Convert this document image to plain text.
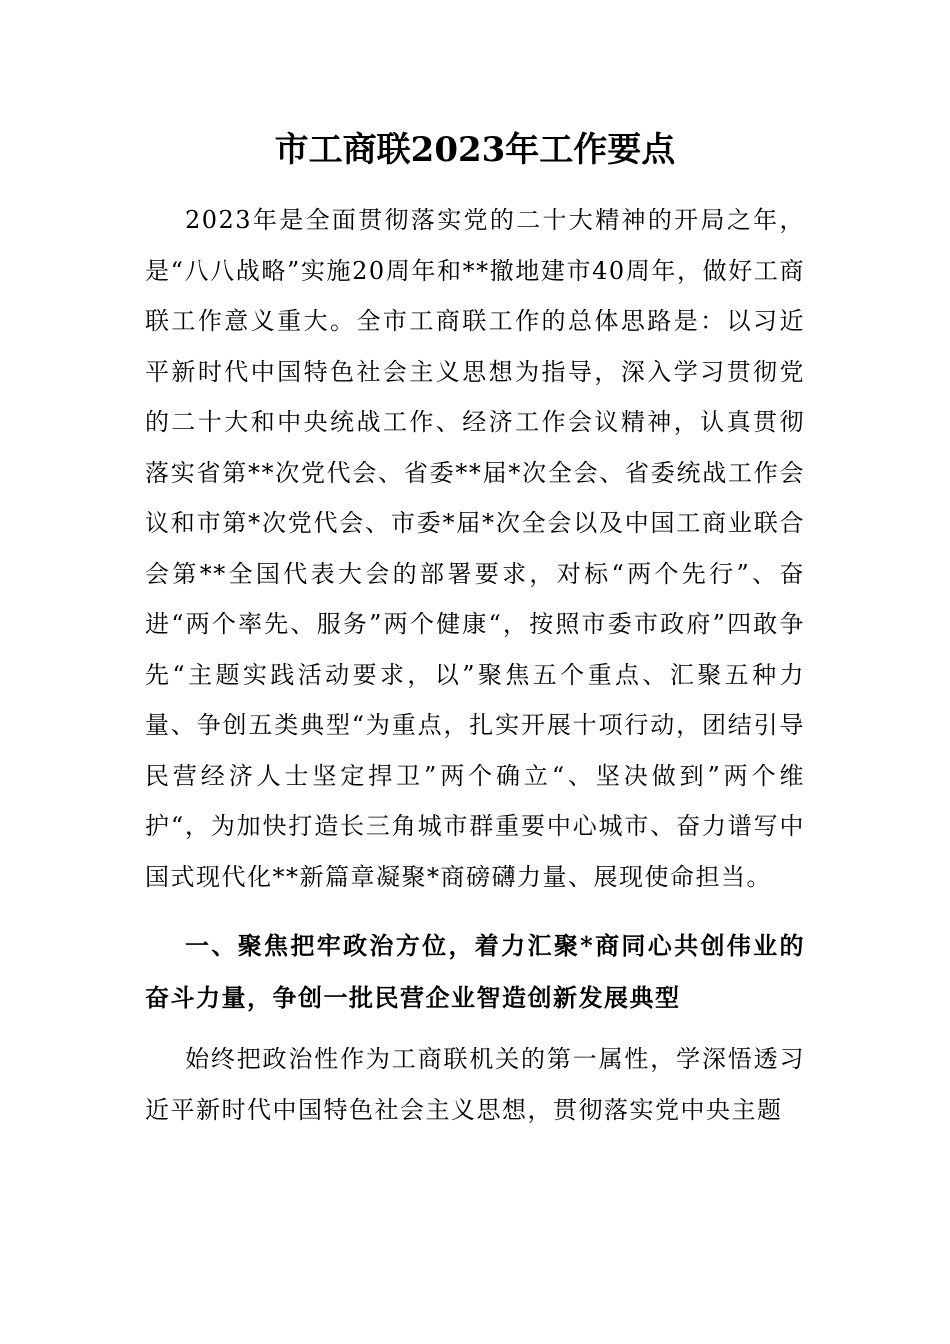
市工商联2023年工作要点

2023年是全面贯彻落实党的二十大精神的开局之年，是“八八战略”实施20周年和**撤地建市40周年，做好工商联工作意义重大。全市工商联工作的总体思路是：以习近平新时代中国特色社会主义思想为指导，深入学习贯彻党的二十大和中央统战工作、经济工作会议精神，认真贯彻落实省第**次党代会、省委**届*次全会、省委统战工作会议和市第*次党代会、市委*届*次全会以及中国工商业联合会第**全国代表大会的部署要求，对标“两个先行”、奋进“两个率先、服务”两个健康“，按照市委市政府”四敢争先“主题实践活动要求，以”聚焦五个重点、汇聚五种力量、争创五类典型“为重点，扎实开展十项行动，团结引导民营经济人士坚定捍卫”两个确立“、坚决做到”两个维护“，为加快打造长三角城市群重要中心城市、奋力谱写中国式现代化**新篇章凝聚*商磅礴力量、展现使命担当。

一、聚焦把牢政治方位，着力汇聚*商同心共创伟业的奋斗力量，争创一批民营企业智造创新发展典型

始终把政治性作为工商联机关的第一属性，学深悟透习近平新时代中国特色社会主义思想，贯彻落实党中央主题
